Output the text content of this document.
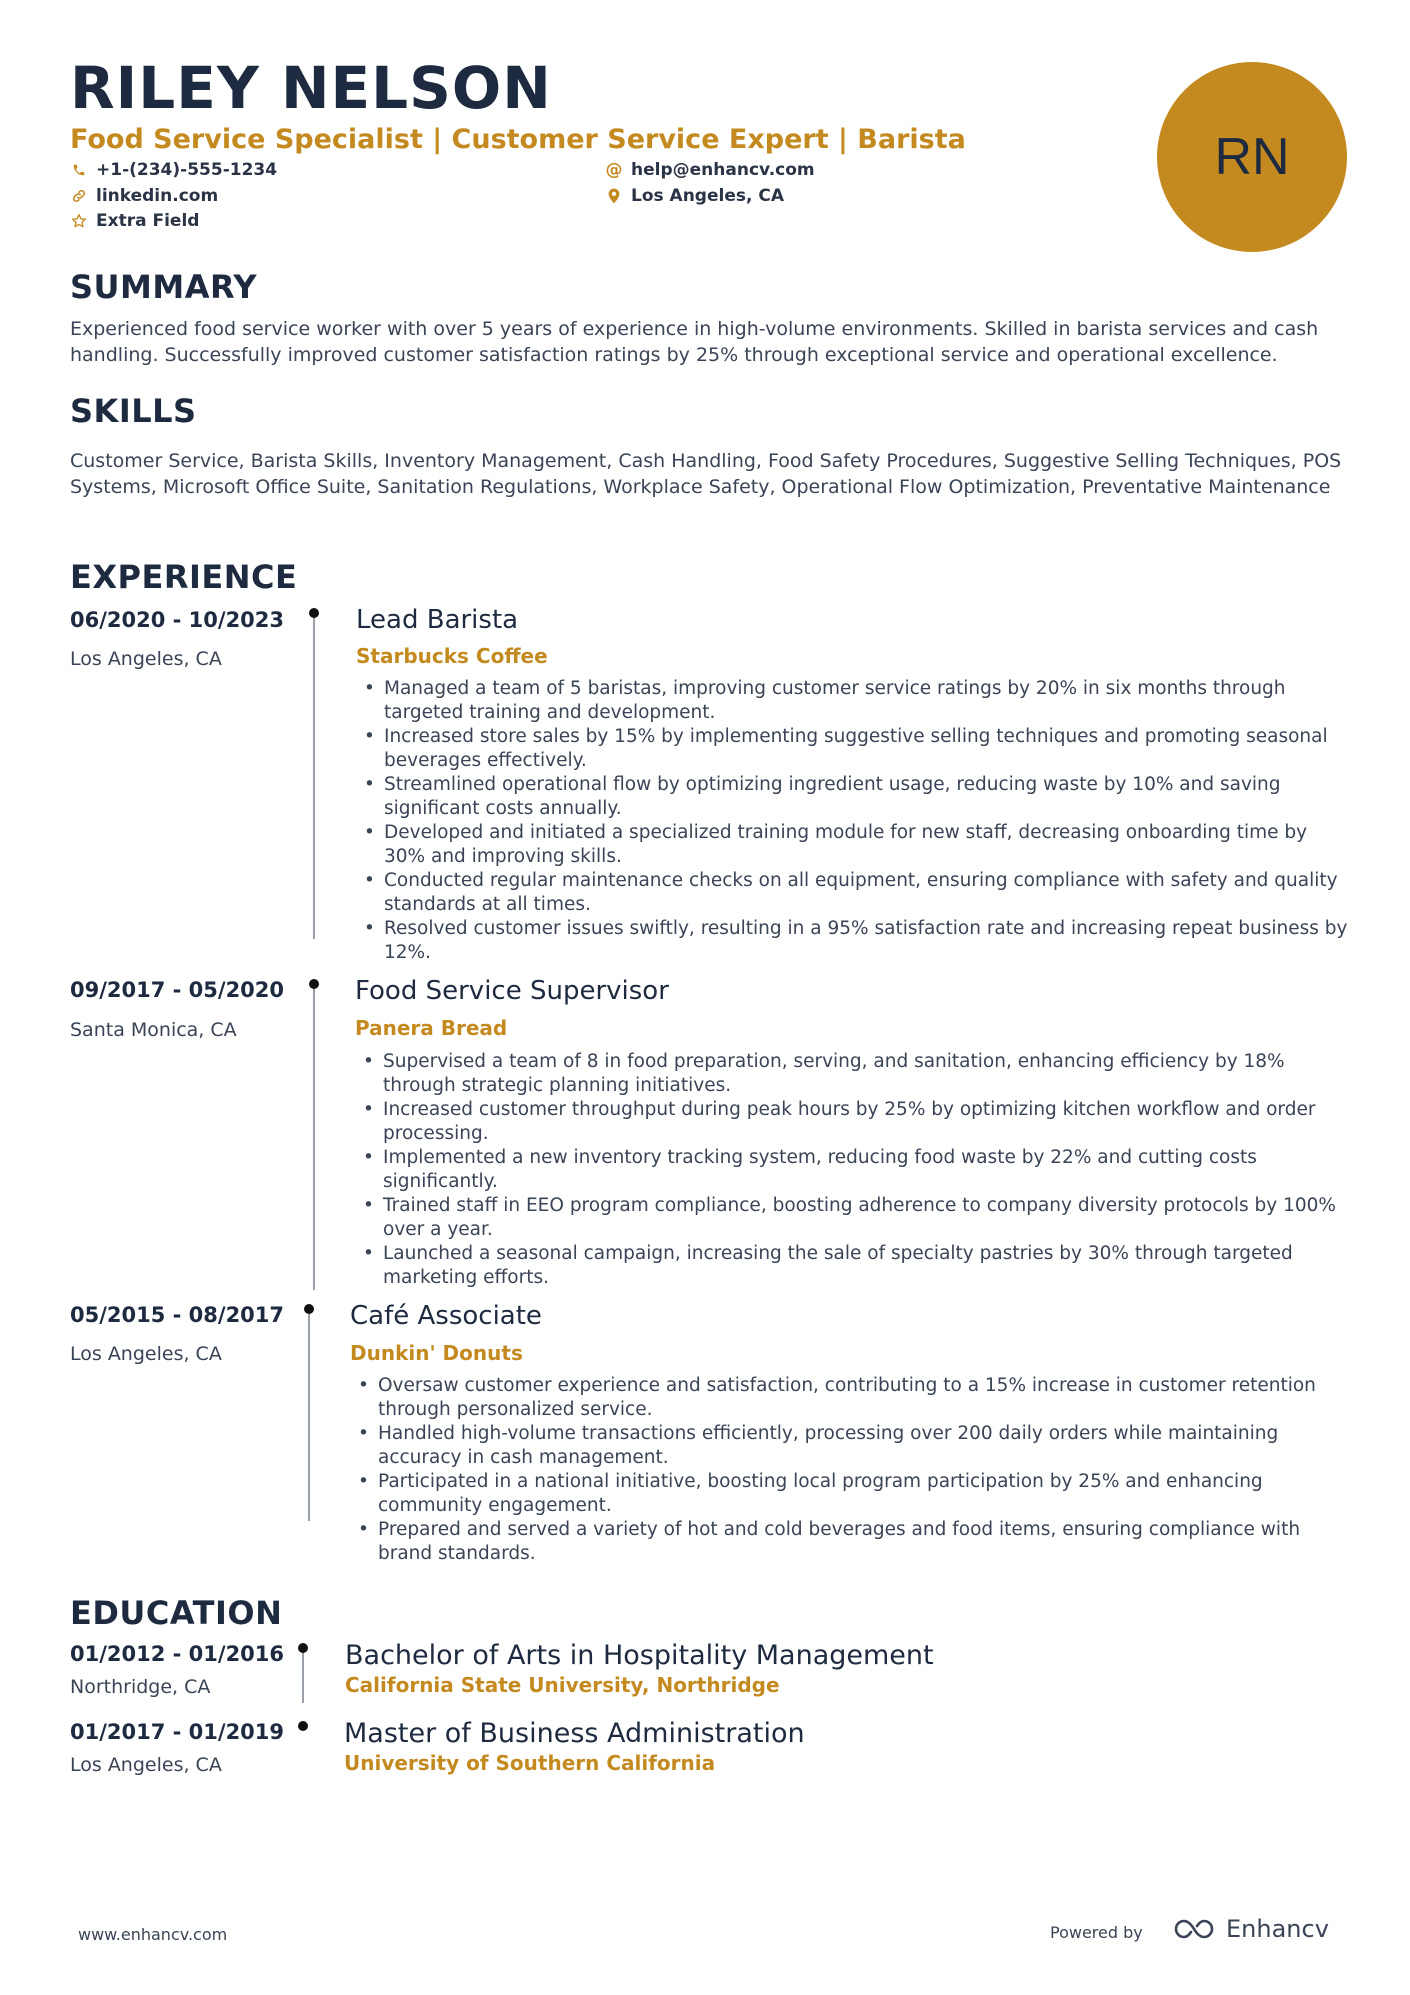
RILEY NELSON
Food Service Specialist | Customer Service Expert | Barista
+1-(234)-555-1234	@ help@enhancv.com
linkedin.com	Los Angeles, CA
Extra Field
RN
SUMMARY
Experienced food service worker with over 5 years of experience in high-volume environments. Skilled in barista services and cash handling. Successfully improved customer satisfaction ratings by 25% through exceptional service and operational excellence.
SKILLS
Customer Service, Barista Skills, Inventory Management, Cash Handling, Food Safety Procedures, Suggestive Selling Techniques, POS Systems, Microsoft Office Suite, Sanitation Regulations, Workplace Safety, Operational Flow Optimization, Preventative Maintenance
EXPERIENCE
06/2020 - 10/2023
Los Angeles, CA
Lead Barista
Starbucks Coffee
• Managed a team of 5 baristas, improving customer service ratings by 20% in six months through targeted training and development.
• Increased store sales by 15% by implementing suggestive selling techniques and promoting seasonal beverages effectively.
• Streamlined operational flow by optimizing ingredient usage, reducing waste by 10% and saving significant costs annually.
• Developed and initiated a specialized training module for new staff, decreasing onboarding time by 30% and improving skills.
• Conducted regular maintenance checks on all equipment, ensuring compliance with safety and quality standards at all times.
• Resolved customer issues swiftly, resulting in a 95% satisfaction rate and increasing repeat business by 12%.
09/2017 - 05/2020
Santa Monica, CA
Food Service Supervisor
Panera Bread
• Supervised a team of 8 in food preparation, serving, and sanitation, enhancing efficiency by 18% through strategic planning initiatives.
• Increased customer throughput during peak hours by 25% by optimizing kitchen workflow and order processing.
• Implemented a new inventory tracking system, reducing food waste by 22% and cutting costs significantly.
• Trained staff in EEO program compliance, boosting adherence to company diversity protocols by 100% over a year.
• Launched a seasonal campaign, increasing the sale of specialty pastries by 30% through targeted marketing efforts.
05/2015 - 08/2017
Los Angeles, CA
Café Associate
Dunkin' Donuts
• Oversaw customer experience and satisfaction, contributing to a 15% increase in customer retention through personalized service.
• Handled high-volume transactions efficiently, processing over 200 daily orders while maintaining accuracy in cash management.
• Participated in a national initiative, boosting local program participation by 25% and enhancing community engagement.
• Prepared and served a variety of hot and cold beverages and food items, ensuring compliance with brand standards.
EDUCATION
01/2012 - 01/2016
Northridge, CA
Bachelor of Arts in Hospitality Management
California State University, Northridge
01/2017 - 01/2019
Los Angeles, CA
Master of Business Administration
University of Southern California
www.enhancv.com	Powered by	Enhancv
